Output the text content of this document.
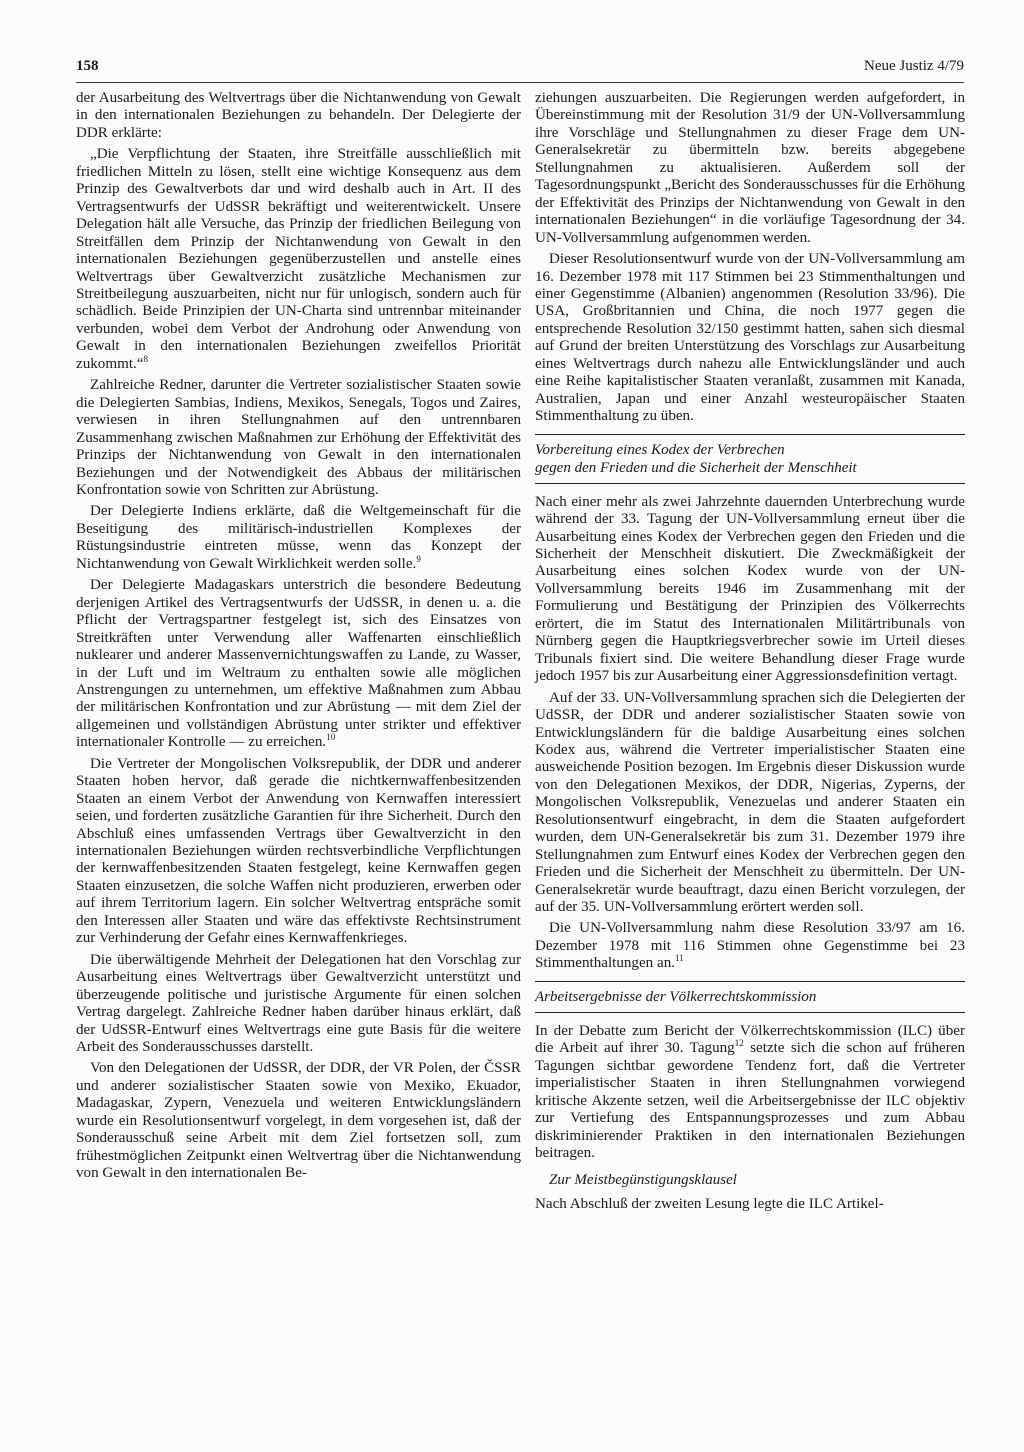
158	Neue Justiz 4/79

der Ausarbeitung des Weltvertrags über die Nichtanwendung von Gewalt in den internationalen Beziehungen zu behandeln. Der Delegierte der DDR erklärte:

„Die Verpflichtung der Staaten, ihre Streitfälle ausschließlich mit friedlichen Mitteln zu lösen, stellt eine wichtige Konsequenz aus dem Prinzip des Gewaltverbots dar und wird deshalb auch in Art. II des Vertragsentwurfs der UdSSR bekräftigt und weiterentwickelt. Unsere Delegation hält alle Versuche, das Prinzip der friedlichen Beilegung von Streitfällen dem Prinzip der Nichtanwendung von Gewalt in den internationalen Beziehungen gegenüberzustellen und anstelle eines Weltvertrags über Gewaltverzicht zusätzliche Mechanismen zur Streitbeilegung auszuarbeiten, nicht nur für unlogisch, sondern auch für schädlich. Beide Prinzipien der UN-Charta sind untrennbar miteinander verbunden, wobei dem Verbot der Androhung oder Anwendung von Gewalt in den internationalen Beziehungen zweifellos Priorität zukommt.“$^8$

Zahlreiche Redner, darunter die Vertreter sozialistischer Staaten sowie die Delegierten Sambias, Indiens, Mexikos, Senegals, Togos und Zaires, verwiesen in ihren Stellungnahmen auf den untrennbaren Zusammenhang zwischen Maßnahmen zur Erhöhung der Effektivität des Prinzips der Nichtanwendung von Gewalt in den internationalen Beziehungen und der Notwendigkeit des Abbaus der militärischen Konfrontation sowie von Schritten zur Abrüstung.

Der Delegierte Indiens erklärte, daß die Weltgemeinschaft für die Beseitigung des militärisch-industriellen Komplexes der Rüstungsindustrie eintreten müsse, wenn das Konzept der Nichtanwendung von Gewalt Wirklichkeit werden solle.$^9$

Der Delegierte Madagaskars unterstrich die besondere Bedeutung derjenigen Artikel des Vertragsentwurfs der UdSSR, in denen u. a. die Pflicht der Vertragspartner festgelegt ist, sich des Einsatzes von Streitkräften unter Verwendung aller Waffenarten einschließlich nuklearer und anderer Massenvernichtungswaffen zu Lande, zu Wasser, in der Luft und im Weltraum zu enthalten sowie alle möglichen Anstrengungen zu unternehmen, um effektive Maßnahmen zum Abbau der militärischen Konfrontation und zur Abrüstung — mit dem Ziel der allgemeinen und vollständigen Abrüstung unter strikter und effektiver internationaler Kontrolle — zu erreichen.$^{10}$

Die Vertreter der Mongolischen Volksrepublik, der DDR und anderer Staaten hoben hervor, daß gerade die nichtkernwaffenbesitzenden Staaten an einem Verbot der Anwendung von Kernwaffen interessiert seien, und forderten zusätzliche Garantien für ihre Sicherheit. Durch den Abschluß eines umfassenden Vertrags über Gewaltverzicht in den internationalen Beziehungen würden rechtsverbindliche Verpflichtungen der kernwaffenbesitzenden Staaten festgelegt, keine Kernwaffen gegen Staaten einzusetzen, die solche Waffen nicht produzieren, erwerben oder auf ihrem Territorium lagern. Ein solcher Weltvertrag entspräche somit den Interessen aller Staaten und wäre das effektivste Rechtsinstrument zur Verhinderung der Gefahr eines Kernwaffenkrieges.

Die überwältigende Mehrheit der Delegationen hat den Vorschlag zur Ausarbeitung eines Weltvertrags über Gewaltverzicht unterstützt und überzeugende politische und juristische Argumente für einen solchen Vertrag dargelegt. Zahlreiche Redner haben darüber hinaus erklärt, daß der UdSSR-Entwurf eines Weltvertrags eine gute Basis für die weitere Arbeit des Sonderausschusses darstellt.

Von den Delegationen der UdSSR, der DDR, der VR Polen, der ČSSR und anderer sozialistischer Staaten sowie von Mexiko, Ekuador, Madagaskar, Zypern, Venezuela und weiteren Entwicklungsländern wurde ein Resolutionsentwurf vorgelegt, in dem vorgesehen ist, daß der Sonderausschuß seine Arbeit mit dem Ziel fortsetzen soll, zum frühestmöglichen Zeitpunkt einen Weltvertrag über die Nichtanwendung von Gewalt in den internationalen Be-

ziehungen auszuarbeiten. Die Regierungen werden aufgefordert, in Übereinstimmung mit der Resolution 31/9 der UN-Vollversammlung ihre Vorschläge und Stellungnahmen zu dieser Frage dem UN-Generalsekretär zu übermitteln bzw. bereits abgegebene Stellungnahmen zu aktualisieren. Außerdem soll der Tagesordnungspunkt „Bericht des Sonderausschusses für die Erhöhung der Effektivität des Prinzips der Nichtanwendung von Gewalt in den internationalen Beziehungen“ in die vorläufige Tagesordnung der 34. UN-Vollversammlung aufgenommen werden.

Dieser Resolutionsentwurf wurde von der UN-Vollversammlung am 16. Dezember 1978 mit 117 Stimmen bei 23 Stimmenthaltungen und einer Gegenstimme (Albanien) angenommen (Resolution 33/96). Die USA, Großbritannien und China, die noch 1977 gegen die entsprechende Resolution 32/150 gestimmt hatten, sahen sich diesmal auf Grund der breiten Unterstützung des Vorschlags zur Ausarbeitung eines Weltvertrags durch nahezu alle Entwicklungsländer und auch eine Reihe kapitalistischer Staaten veranlaßt, zusammen mit Kanada, Australien, Japan und einer Anzahl westeuropäischer Staaten Stimmenthaltung zu üben.

Vorbereitung eines Kodex der Verbrechen
gegen den Frieden und die Sicherheit der Menschheit

Nach einer mehr als zwei Jahrzehnte dauernden Unterbrechung wurde während der 33. Tagung der UN-Vollversammlung erneut über die Ausarbeitung eines Kodex der Verbrechen gegen den Frieden und die Sicherheit der Menschheit diskutiert. Die Zweckmäßigkeit der Ausarbeitung eines solchen Kodex wurde von der UN-Vollversammlung bereits 1946 im Zusammenhang mit der Formulierung und Bestätigung der Prinzipien des Völkerrechts erörtert, die im Statut des Internationalen Militärtribunals von Nürnberg gegen die Hauptkriegsverbrecher sowie im Urteil dieses Tribunals fixiert sind. Die weitere Behandlung dieser Frage wurde jedoch 1957 bis zur Ausarbeitung einer Aggressionsdefinition vertagt.

Auf der 33. UN-Vollversammlung sprachen sich die Delegierten der UdSSR, der DDR und anderer sozialistischer Staaten sowie von Entwicklungsländern für die baldige Ausarbeitung eines solchen Kodex aus, während die Vertreter imperialistischer Staaten eine ausweichende Position bezogen. Im Ergebnis dieser Diskussion wurde von den Delegationen Mexikos, der DDR, Nigerias, Zyperns, der Mongolischen Volksrepublik, Venezuelas und anderer Staaten ein Resolutionsentwurf eingebracht, in dem die Staaten aufgefordert wurden, dem UN-Generalsekretär bis zum 31. Dezember 1979 ihre Stellungnahmen zum Entwurf eines Kodex der Verbrechen gegen den Frieden und die Sicherheit der Menschheit zu übermitteln. Der UN-Generalsekretär wurde beauftragt, dazu einen Bericht vorzulegen, der auf der 35. UN-Vollversammlung erörtert werden soll.

Die UN-Vollversammlung nahm diese Resolution 33/97 am 16. Dezember 1978 mit 116 Stimmen ohne Gegenstimme bei 23 Stimmenthaltungen an.$^{11}$

Arbeitsergebnisse der Völkerrechtskommission

In der Debatte zum Bericht der Völkerrechtskommission (ILC) über die Arbeit auf ihrer 30. Tagung$^{12}$ setzte sich die schon auf früheren Tagungen sichtbar gewordene Tendenz fort, daß die Vertreter imperialistischer Staaten in ihren Stellungnahmen vorwiegend kritische Akzente setzen, weil die Arbeitsergebnisse der ILC objektiv zur Vertiefung des Entspannungsprozesses und zum Abbau diskriminierender Praktiken in den internationalen Beziehungen beitragen.

Zur Meistbegünstigungsklausel

Nach Abschluß der zweiten Lesung legte die ILC Artikel-
